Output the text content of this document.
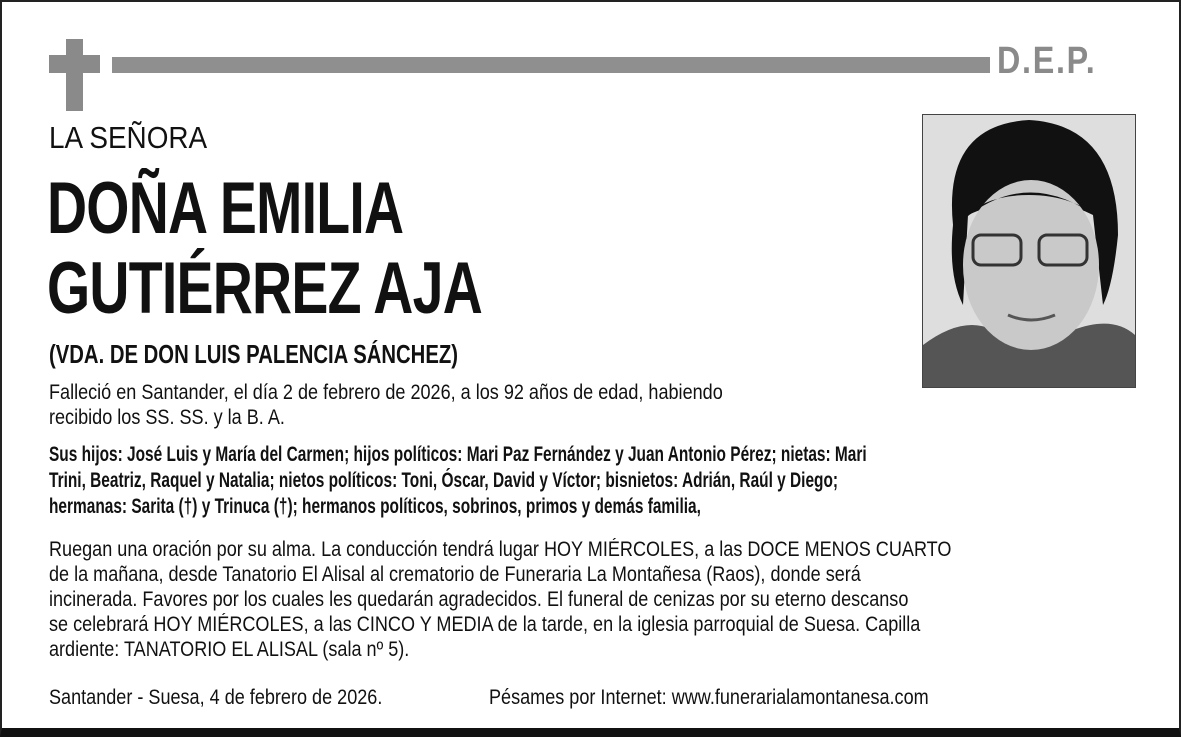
D.E.P.
LA SEÑORA
DOÑA EMILIA
GUTIÉRREZ AJA
(VDA. DE DON LUIS PALENCIA SÁNCHEZ)
Falleció en Santander, el día 2 de febrero de 2026, a los 92 años de edad, habiendo
recibido los SS. SS. y la B. A.
Sus hijos: José Luis y María del Carmen; hijos políticos: Mari Paz Fernández y Juan Antonio Pérez; nietas: Mari
Trini, Beatriz, Raquel y Natalia; nietos políticos: Toni, Óscar, David y Víctor; bisnietos: Adrián, Raúl y Diego;
hermanas: Sarita (†) y Trinuca (†); hermanos políticos, sobrinos, primos y demás familia,
Ruegan una oración por su alma. La conducción tendrá lugar HOY MIÉRCOLES, a las DOCE MENOS CUARTO
de la mañana, desde Tanatorio El Alisal al crematorio de Funeraria La Montañesa (Raos), donde será
incinerada. Favores por los cuales les quedarán agradecidos. El funeral de cenizas por su eterno descanso
se celebrará HOY MIÉRCOLES, a las CINCO Y MEDIA de la tarde, en la iglesia parroquial de Suesa. Capilla
ardiente: TANATORIO EL ALISAL (sala nº 5).
Santander - Suesa, 4 de febrero de 2026.	Pésames por Internet: www.funerarialamontanesa.com
